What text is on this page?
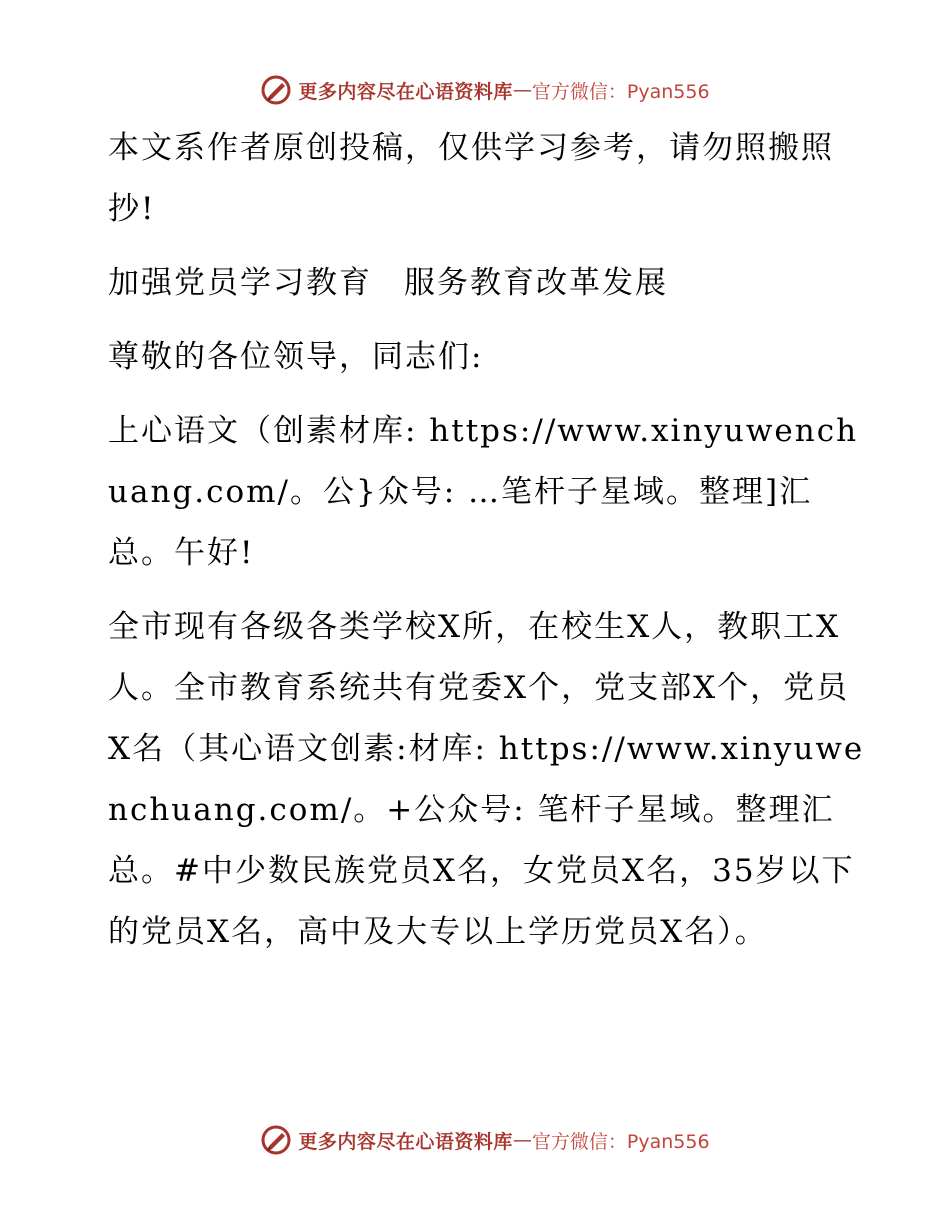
更多内容尽在心语资料库 — 官方微信：Pyan556

本文系作者原创投稿，仅供学习参考，请勿照搬照抄!

加强党员学习教育 服务教育改革发展

尊敬的各位领导，同志们:

上心语文（创素材库: https://www.xinyuwenchuang.com/。公}众号: …笔杆子星域。整理]汇总。午好!

全市现有各级各类学校X所，在校生X人，教职工X人。全市教育系统共有党委X个，党支部X个，党员X名（其心语文创素:材库: https://www.xinyuwenchuang.com/。+公众号: 笔杆子星域。整理汇总。#中少数民族党员X名，女党员X名，35岁以下的党员X名，高中及大专以上学历党员X名）。

更多内容尽在心语资料库 — 官方微信：Pyan556
